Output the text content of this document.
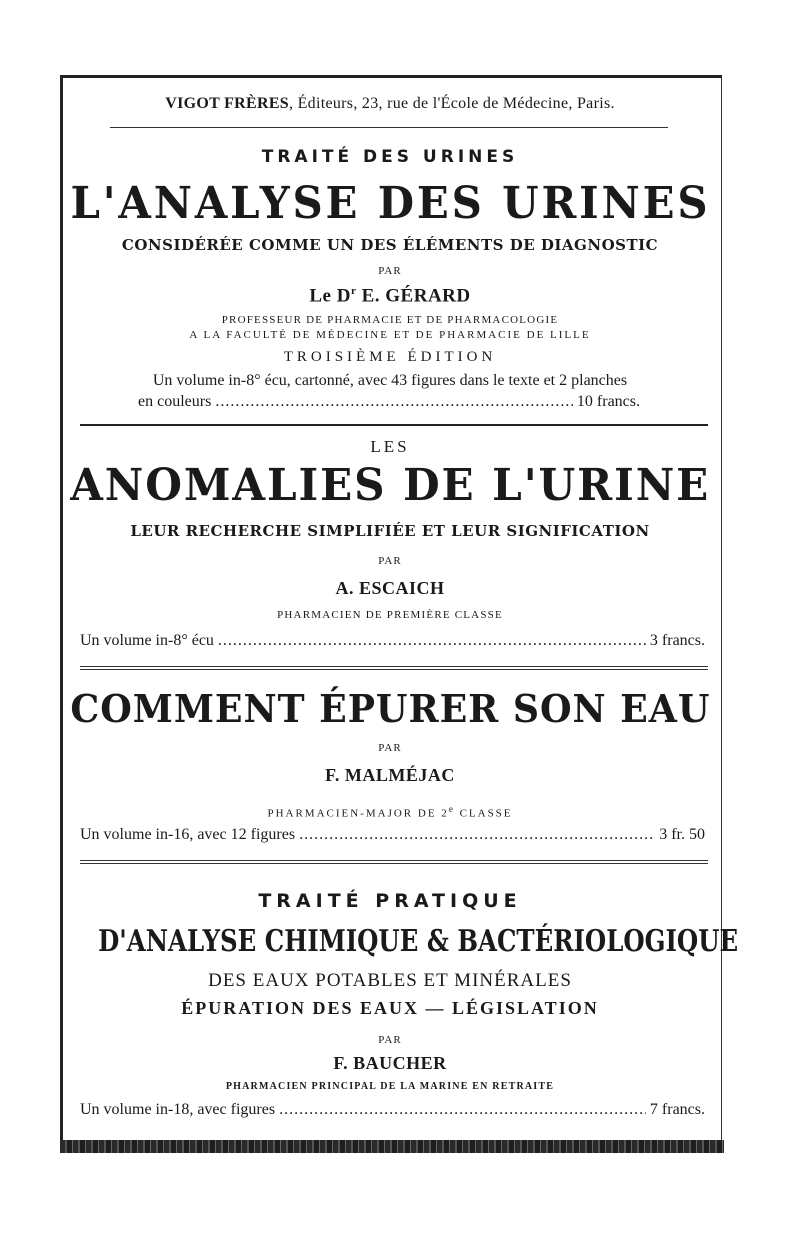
VIGOT FRÈRES, Éditeurs, 23, rue de l'École de Médecine, Paris.
TRAITÉ DES URINES
L'ANALYSE DES URINES
CONSIDÉRÉE COMME UN DES ÉLÉMENTS DE DIAGNOSTIC
PAR
Le $D^r$ E. GÉRARD
PROFESSEUR DE PHARMACIE ET DE PHARMACOLOGIE
A LA FACULTÉ DE MÉDECINE ET DE PHARMACIE DE LILLE
TROISIÈME ÉDITION
Un volume in-8° écu, cartonné, avec 43 figures dans le texte et 2 planches
en couleurs .....	10 francs.
LES
ANOMALIES DE L'URINE
LEUR RECHERCHE SIMPLIFIÉE ET LEUR SIGNIFICATION
PAR
A. ESCAICH
PHARMACIEN DE PREMIÈRE CLASSE
Un volume in-8° écu .....	3 francs.
COMMENT ÉPURER SON EAU
PAR
F. MALMÉJAC
PHARMACIEN-MAJOR DE 2e CLASSE
Un volume in-16, avec 12 figures .....	3 fr. 50
TRAITÉ PRATIQUE
D'ANALYSE CHIMIQUE & BACTÉRIOLOGIQUE
DES EAUX POTABLES ET MINÉRALES
ÉPURATION DES EAUX — LÉGISLATION
PAR
F. BAUCHER
PHARMACIEN PRINCIPAL DE LA MARINE EN RETRAITE
Un volume in-18, avec figures .....	7 francs.
